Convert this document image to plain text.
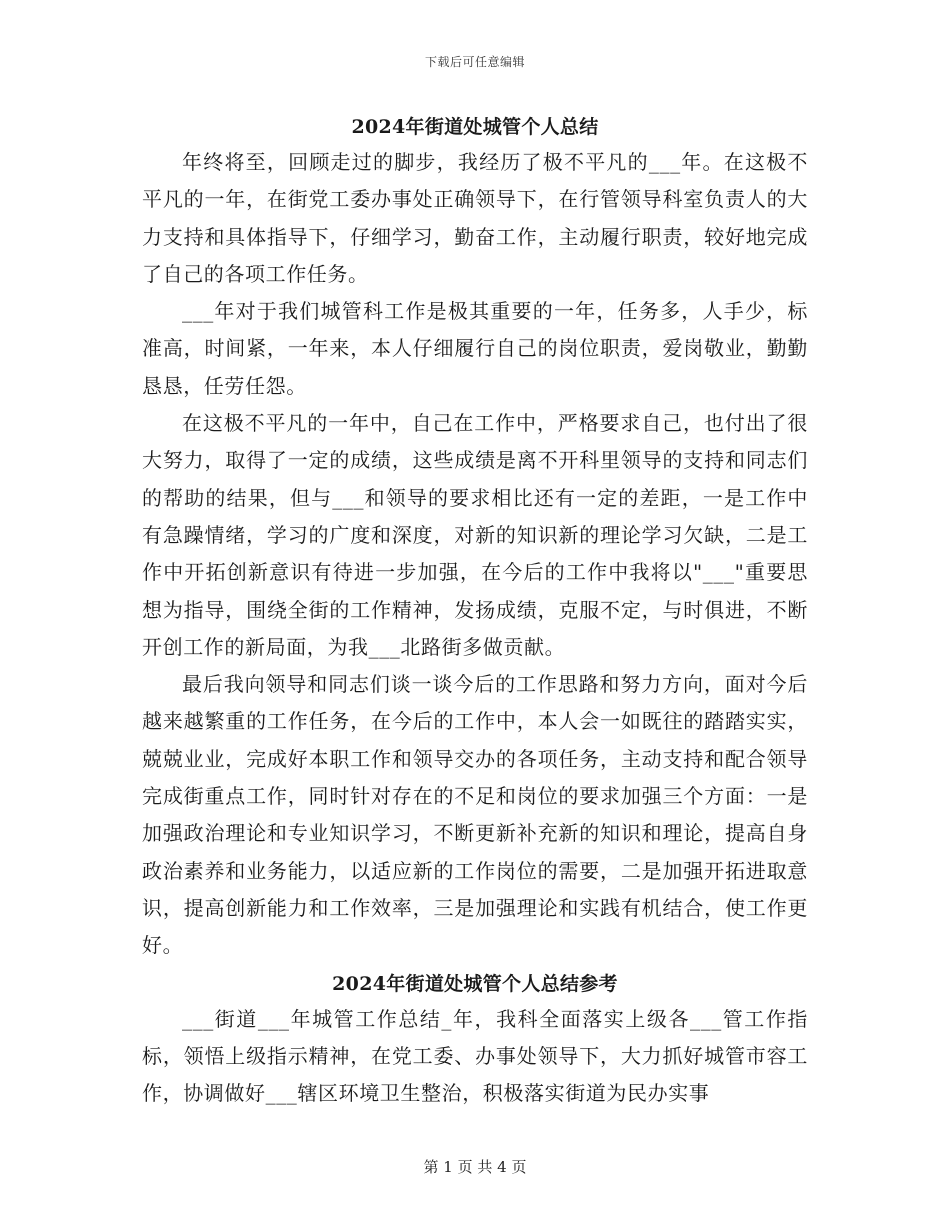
下载后可任意编辑
2024年街道处城管个人总结

年终将至，回顾走过的脚步，我经历了极不平凡的___年。在这极不平凡的一年，在街党工委办事处正确领导下，在行管领导科室负责人的大力支持和具体指导下，仔细学习，勤奋工作，主动履行职责，较好地完成了自己的各项工作任务。

___年对于我们城管科工作是极其重要的一年，任务多，人手少，标准高，时间紧，一年来，本人仔细履行自己的岗位职责，爱岗敬业，勤勤恳恳，任劳任怨。

在这极不平凡的一年中，自己在工作中，严格要求自己，也付出了很大努力，取得了一定的成绩，这些成绩是离不开科里领导的支持和同志们的帮助的结果，但与___和领导的要求相比还有一定的差距，一是工作中有急躁情绪，学习的广度和深度，对新的知识新的理论学习欠缺，二是工作中开拓创新意识有待进一步加强，在今后的工作中我将以"___"重要思想为指导，围绕全街的工作精神，发扬成绩，克服不定，与时俱进，不断开创工作的新局面，为我___北路街多做贡献。

最后我向领导和同志们谈一谈今后的工作思路和努力方向，面对今后越来越繁重的工作任务，在今后的工作中，本人会一如既往的踏踏实实，兢兢业业，完成好本职工作和领导交办的各项任务，主动支持和配合领导完成街重点工作，同时针对存在的不足和岗位的要求加强三个方面：一是加强政治理论和专业知识学习，不断更新补充新的知识和理论，提高自身政治素养和业务能力，以适应新的工作岗位的需要，二是加强开拓进取意识，提高创新能力和工作效率，三是加强理论和实践有机结合，使工作更好。

2024年街道处城管个人总结参考

___街道___年城管工作总结_年，我科全面落实上级各___管工作指标，领悟上级指示精神，在党工委、办事处领导下，大力抓好城管市容工作，协调做好___辖区环境卫生整治，积极落实街道为民办实事

第 1 页 共 4 页
